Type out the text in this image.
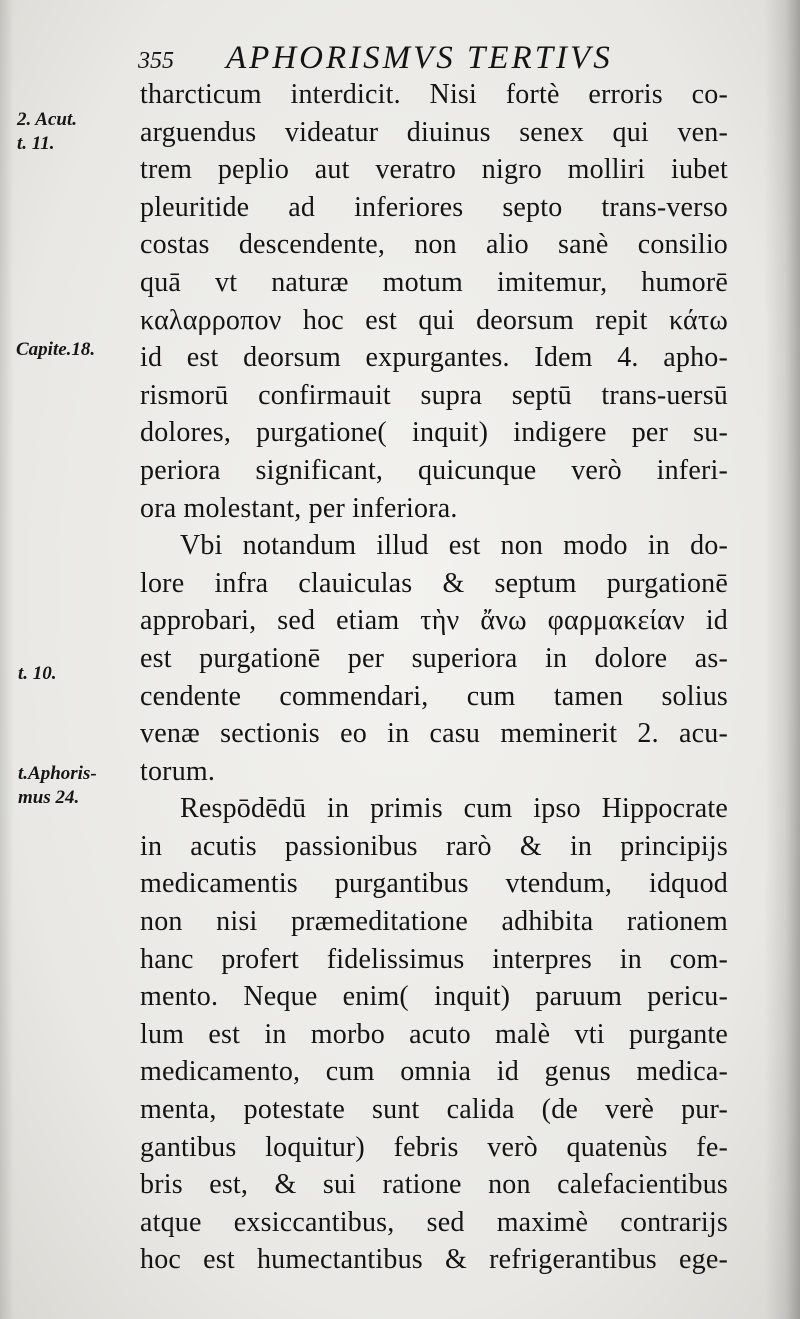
355 APHORISMVS TERTIVS
2. Acut.
t. 11.
Capite.18.
t. 10.
t.Aphoris-
mus 24.
tharcticum interdicit. Nisi fortè erroris co-
arguendus videatur diuinus senex qui ven-
trem peplio aut veratro nigro molliri iubet
pleuritide ad inferiores septo trans-verso
costas descendente, non alio sanè consilio
quā vt naturæ motum imitemur, humorē
καλαρροπον hoc est qui deorsum repit κάτω
id est deorsum expurgantes. Idem 4. apho-
rismorū confirmauit supra septū trans-uersū
dolores, purgatione( inquit) indigere per su-
periora significant, quicunque verò inferi-
ora molestant, per inferiora.
Vbi notandum illud est non modo in do-
lore infra clauiculas & septum purgationē
approbari, sed etiam τὴν ἄνω φαρμακείαν id
est purgationē per superiora in dolore as-
cendente commendari, cum tamen solius
venæ sectionis eo in casu meminerit 2. acu-
torum.
Respōdēdū in primis cum ipso Hippocrate
in acutis passionibus rarò & in principijs
medicamentis purgantibus vtendum, idquod
non nisi præmeditatione adhibita rationem
hanc profert fidelissimus interpres in com-
mento. Neque enim( inquit) paruum pericu-
lum est in morbo acuto malè vti purgante
medicamento, cum omnia id genus medica-
menta, potestate sunt calida (de verè pur-
gantibus loquitur) febris verò quatenùs fe-
bris est, & sui ratione non calefacientibus
atque exsiccantibus, sed maximè contrarijs
hoc est humectantibus & refrigerantibus ege-
